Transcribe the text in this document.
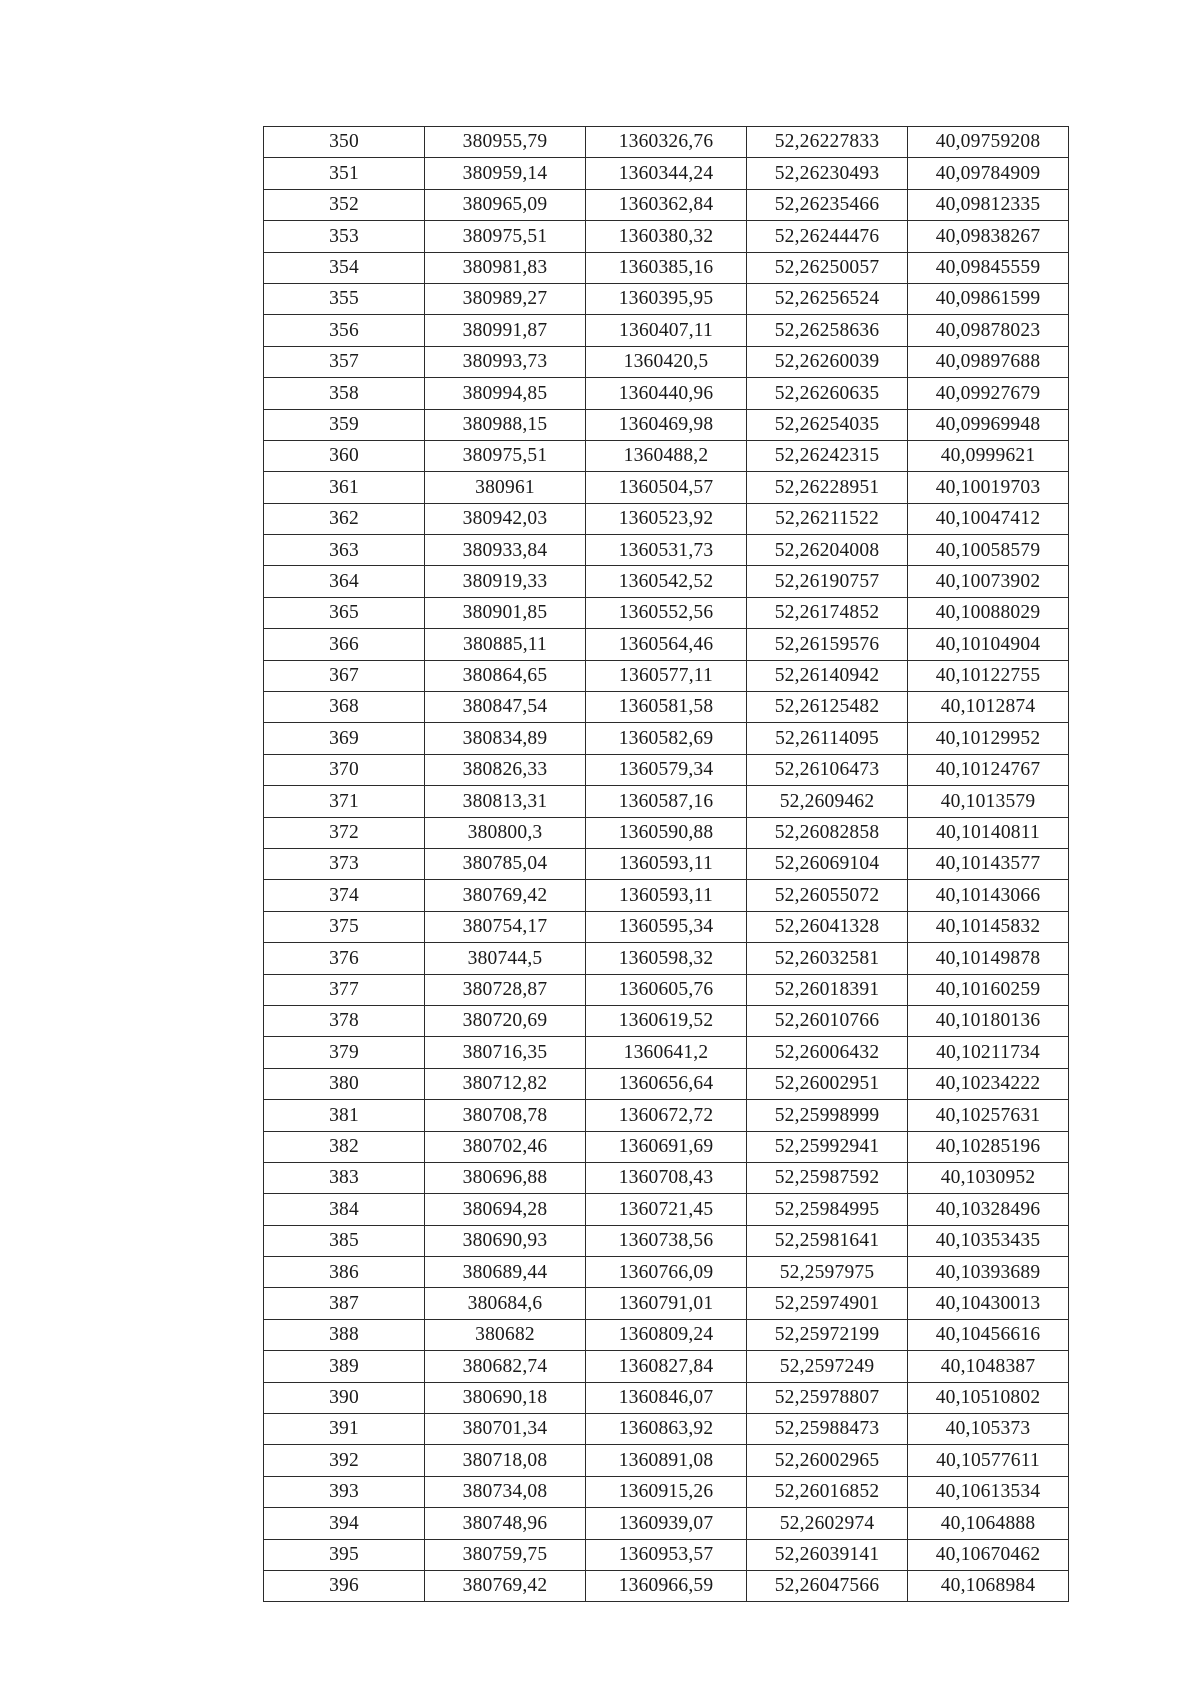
350	380955,79	1360326,76	52,26227833	40,09759208
351	380959,14	1360344,24	52,26230493	40,09784909
352	380965,09	1360362,84	52,26235466	40,09812335
353	380975,51	1360380,32	52,26244476	40,09838267
354	380981,83	1360385,16	52,26250057	40,09845559
355	380989,27	1360395,95	52,26256524	40,09861599
356	380991,87	1360407,11	52,26258636	40,09878023
357	380993,73	1360420,5	52,26260039	40,09897688
358	380994,85	1360440,96	52,26260635	40,09927679
359	380988,15	1360469,98	52,26254035	40,09969948
360	380975,51	1360488,2	52,26242315	40,0999621
361	380961	1360504,57	52,26228951	40,10019703
362	380942,03	1360523,92	52,26211522	40,10047412
363	380933,84	1360531,73	52,26204008	40,10058579
364	380919,33	1360542,52	52,26190757	40,10073902
365	380901,85	1360552,56	52,26174852	40,10088029
366	380885,11	1360564,46	52,26159576	40,10104904
367	380864,65	1360577,11	52,26140942	40,10122755
368	380847,54	1360581,58	52,26125482	40,1012874
369	380834,89	1360582,69	52,26114095	40,10129952
370	380826,33	1360579,34	52,26106473	40,10124767
371	380813,31	1360587,16	52,2609462	40,1013579
372	380800,3	1360590,88	52,26082858	40,10140811
373	380785,04	1360593,11	52,26069104	40,10143577
374	380769,42	1360593,11	52,26055072	40,10143066
375	380754,17	1360595,34	52,26041328	40,10145832
376	380744,5	1360598,32	52,26032581	40,10149878
377	380728,87	1360605,76	52,26018391	40,10160259
378	380720,69	1360619,52	52,26010766	40,10180136
379	380716,35	1360641,2	52,26006432	40,10211734
380	380712,82	1360656,64	52,26002951	40,10234222
381	380708,78	1360672,72	52,25998999	40,10257631
382	380702,46	1360691,69	52,25992941	40,10285196
383	380696,88	1360708,43	52,25987592	40,1030952
384	380694,28	1360721,45	52,25984995	40,10328496
385	380690,93	1360738,56	52,25981641	40,10353435
386	380689,44	1360766,09	52,2597975	40,10393689
387	380684,6	1360791,01	52,25974901	40,10430013
388	380682	1360809,24	52,25972199	40,10456616
389	380682,74	1360827,84	52,2597249	40,1048387
390	380690,18	1360846,07	52,25978807	40,10510802
391	380701,34	1360863,92	52,25988473	40,105373
392	380718,08	1360891,08	52,26002965	40,10577611
393	380734,08	1360915,26	52,26016852	40,10613534
394	380748,96	1360939,07	52,2602974	40,1064888
395	380759,75	1360953,57	52,26039141	40,10670462
396	380769,42	1360966,59	52,26047566	40,1068984
